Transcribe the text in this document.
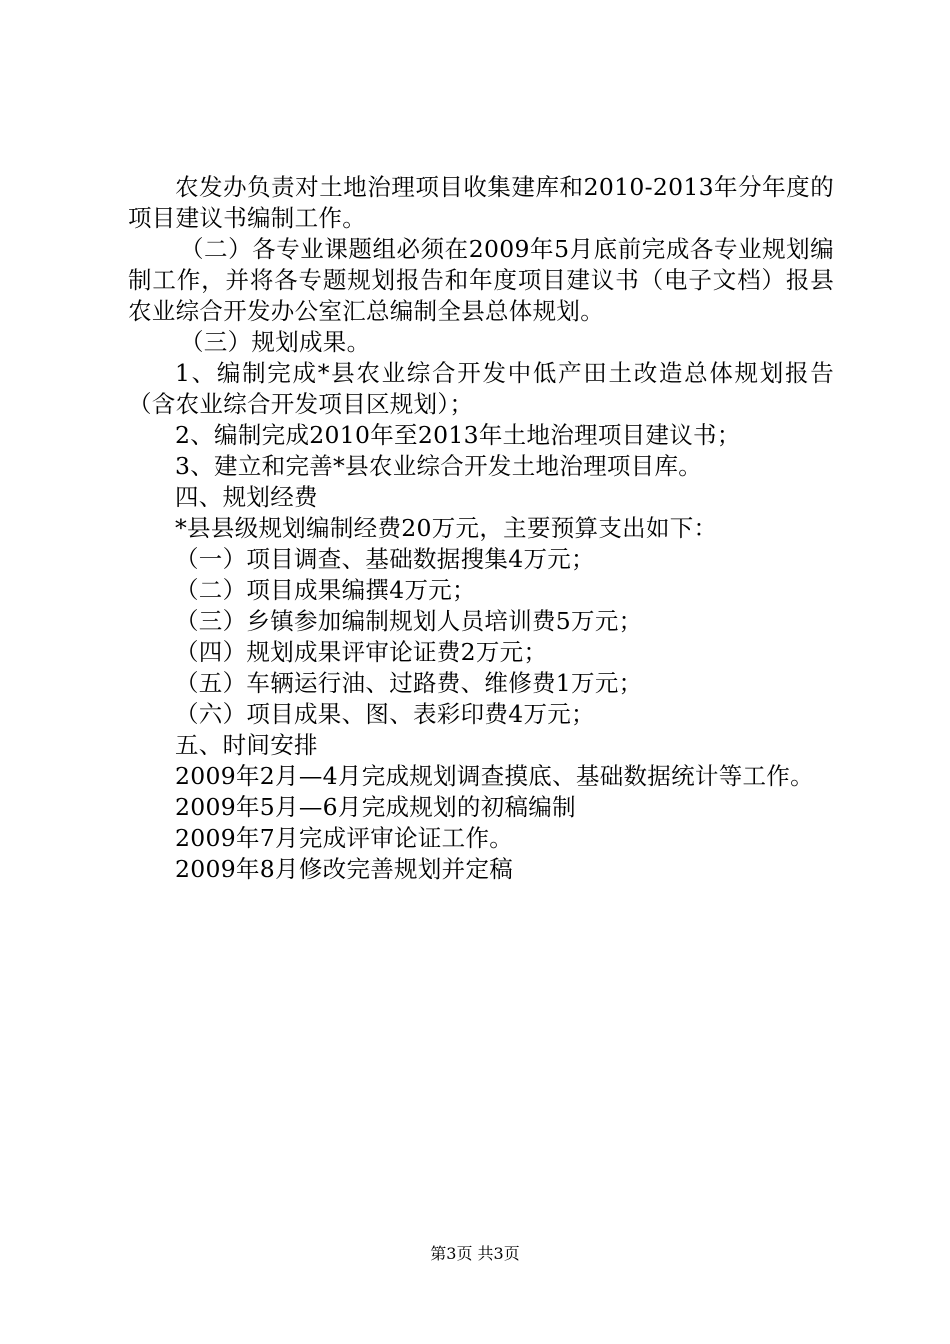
农发办负责对土地治理项目收集建库和2010-2013年分年度的项目建议书编制工作。

（二）各专业课题组必须在2009年5月底前完成各专业规划编制工作，并将各专题规划报告和年度项目建议书（电子文档）报县农业综合开发办公室汇总编制全县总体规划。

（三）规划成果。

1、编制完成*县农业综合开发中低产田土改造总体规划报告（含农业综合开发项目区规划）；

2、编制完成2010年至2013年土地治理项目建议书；

3、建立和完善*县农业综合开发土地治理项目库。

四、规划经费

*县县级规划编制经费20万元，主要预算支出如下：

（一）项目调查、基础数据搜集4万元；

（二）项目成果编撰4万元；

（三）乡镇参加编制规划人员培训费5万元；

（四）规划成果评审论证费2万元；

（五）车辆运行油、过路费、维修费1万元；

（六）项目成果、图、表彩印费4万元；

五、时间安排

2009年2月—4月完成规划调查摸底、基础数据统计等工作。

2009年5月—6月完成规划的初稿编制

2009年7月完成评审论证工作。

2009年8月修改完善规划并定稿

第3页 共3页
